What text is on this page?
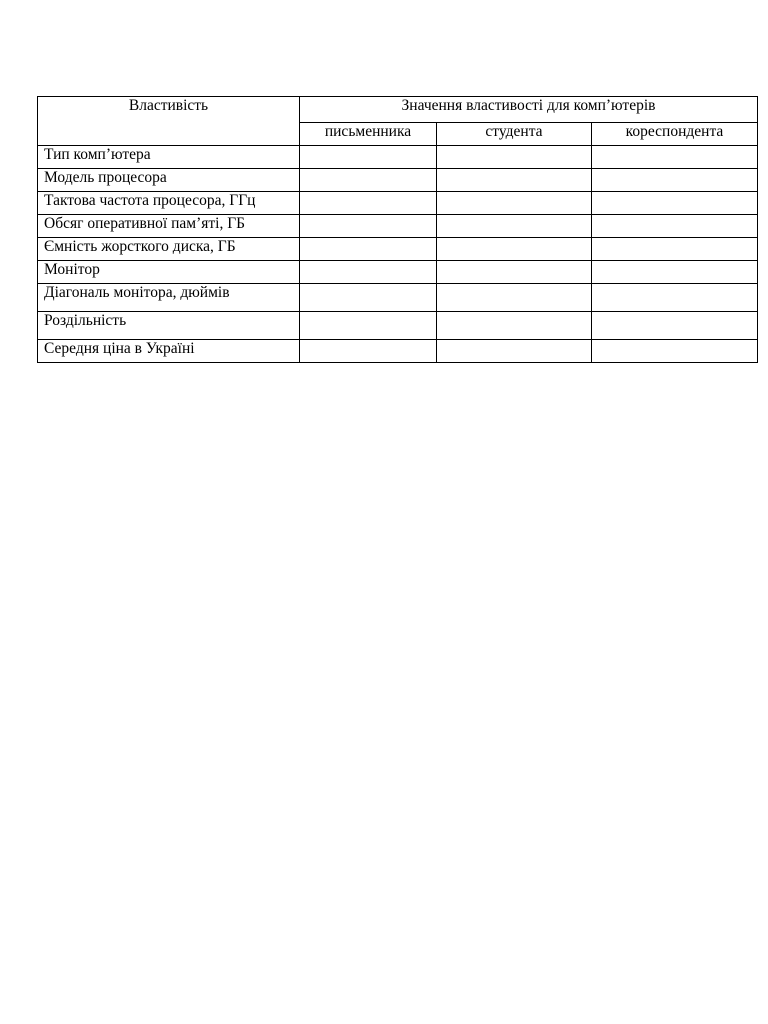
Властивість	Значення властивості для комп’ютерів		
	письменника	студента	кореспондента
Тип комп’ютера			
Модель процесора			
Тактова частота процесора, ГГц			
Обсяг оперативної пам’яті, ГБ			
Ємність жорсткого диска, ГБ			
Монітор			
Діагональ монітора, дюймів			
Роздільність			
Середня ціна в Україні			
